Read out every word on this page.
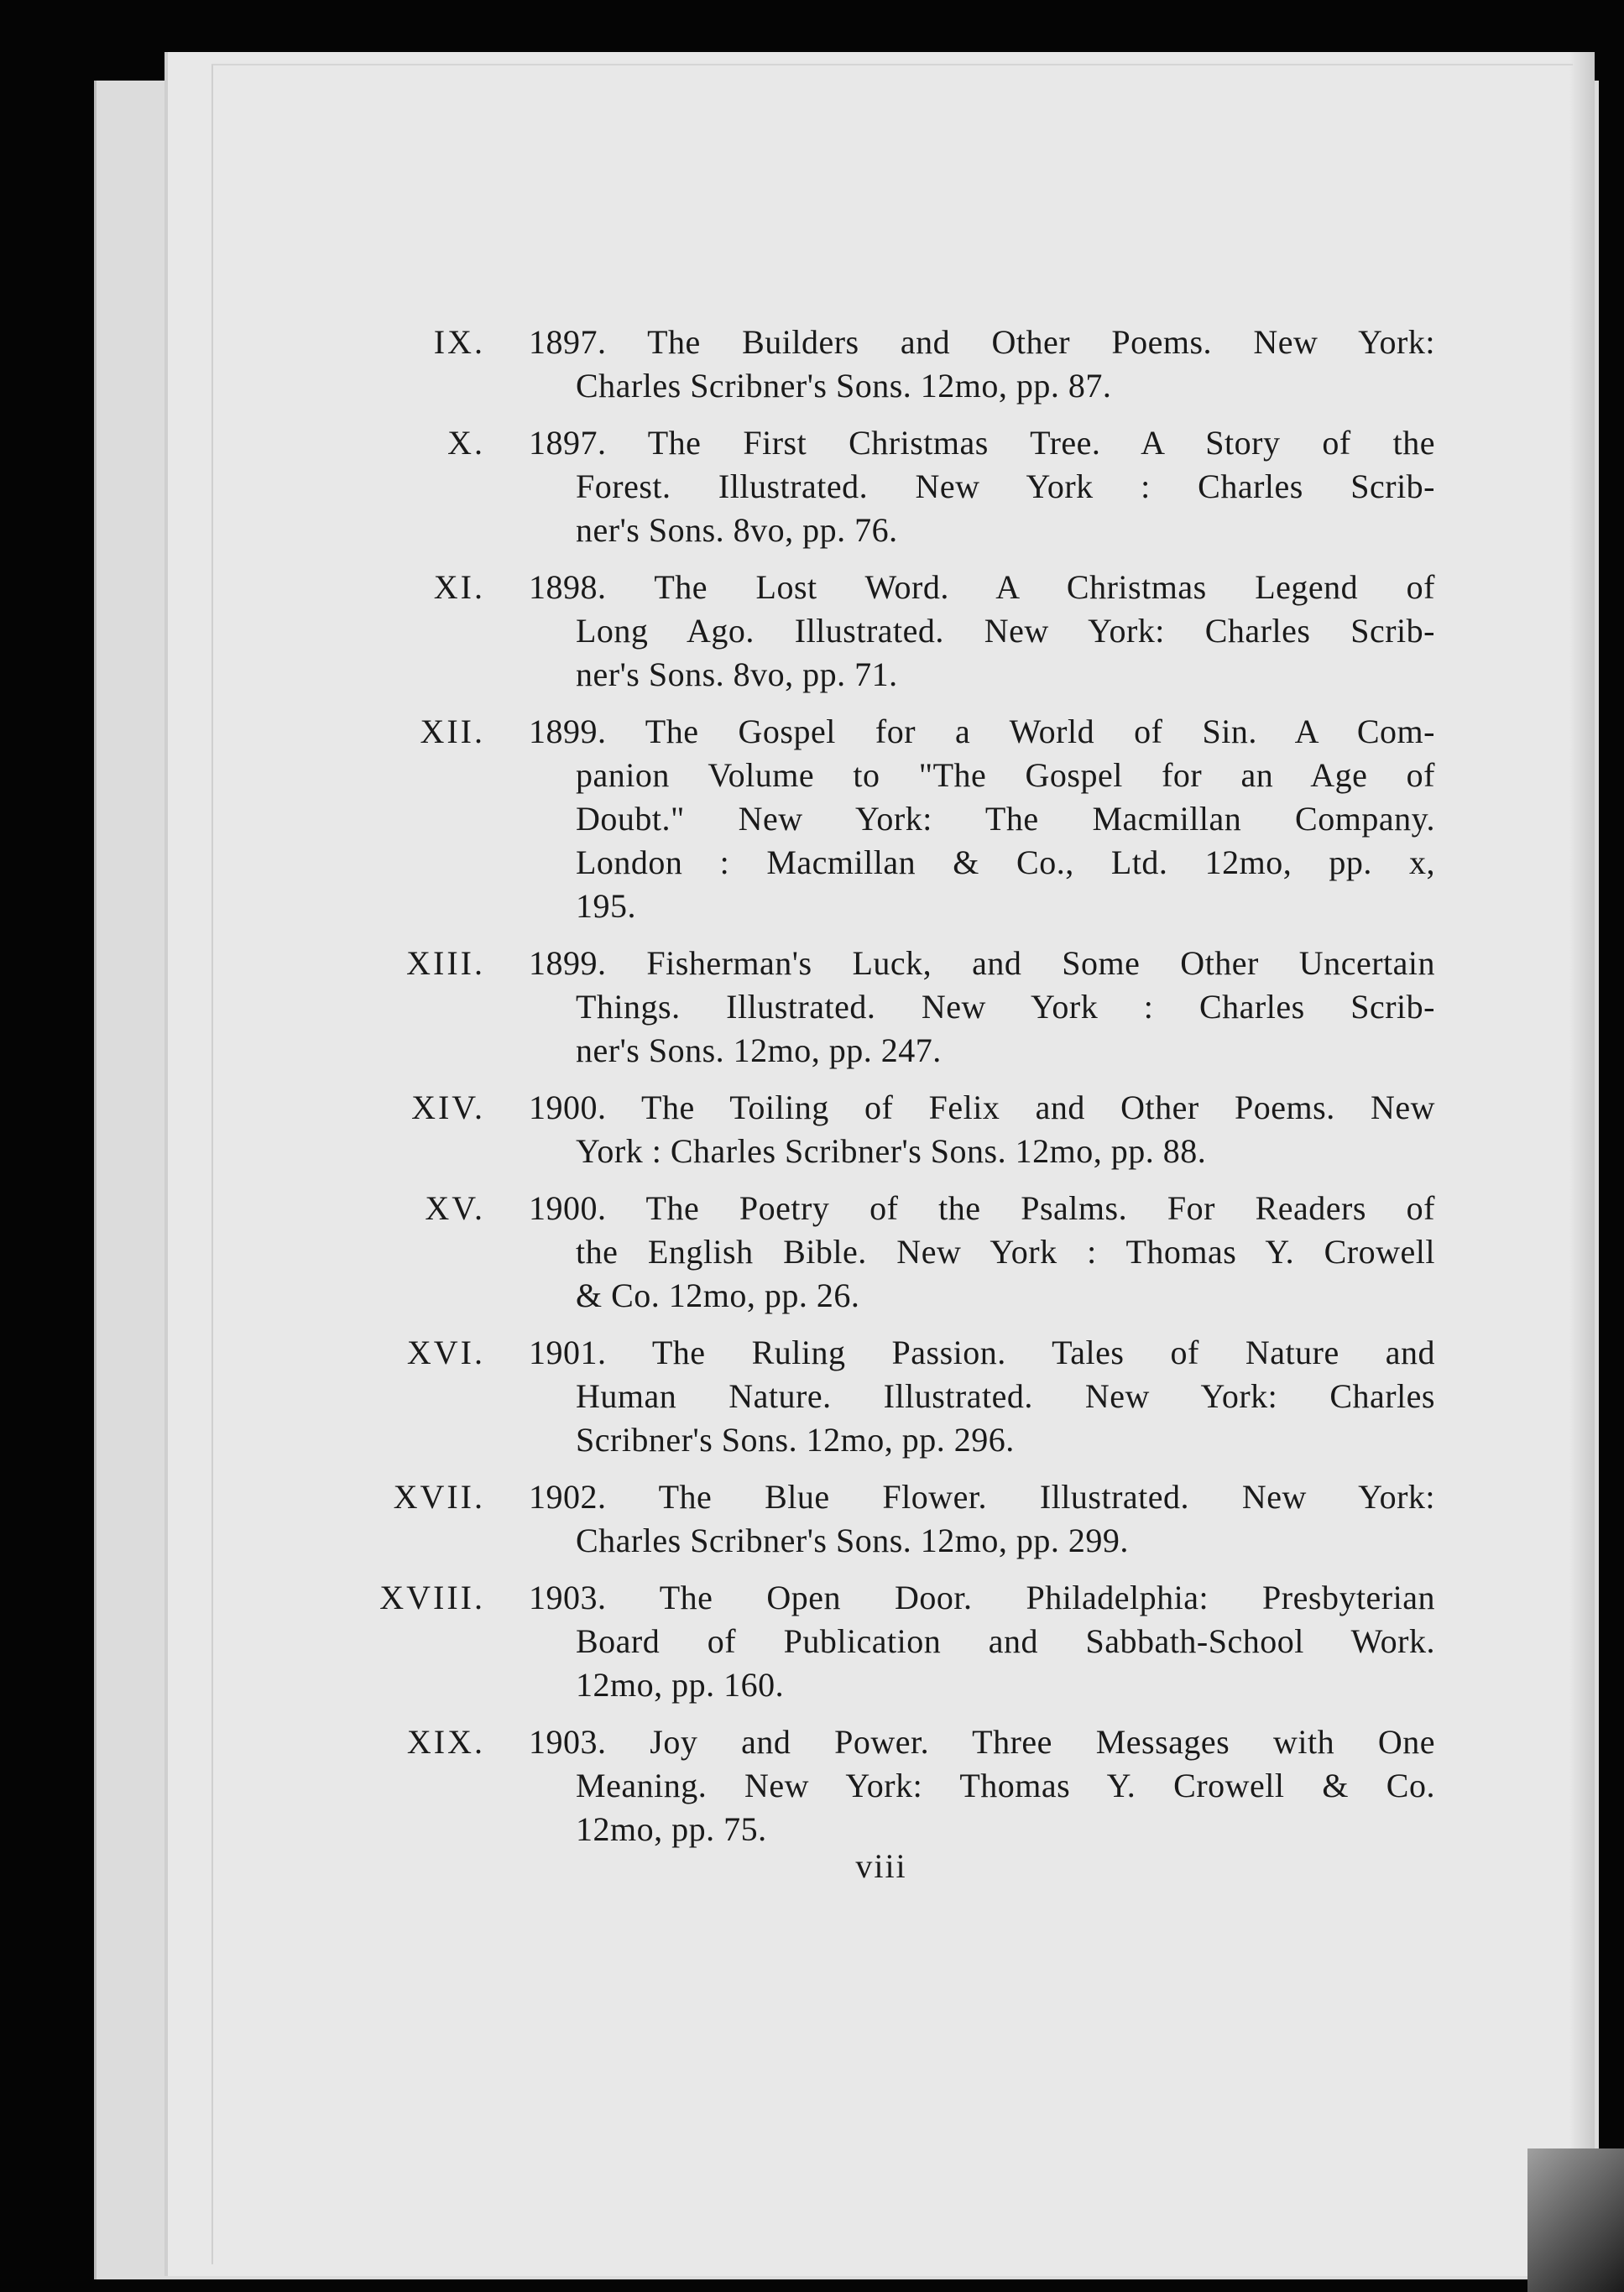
IX.	1897. The Builders and Other Poems. New York:
Charles Scribner's Sons. 12mo, pp. 87.
X.	1897. The First Christmas Tree. A Story of the
Forest. Illustrated. New York : Charles Scrib-
ner's Sons. 8vo, pp. 76.
XI.	1898. The Lost Word. A Christmas Legend of
Long Ago. Illustrated. New York: Charles Scrib-
ner's Sons. 8vo, pp. 71.
XII.	1899. The Gospel for a World of Sin. A Com-
panion Volume to "The Gospel for an Age of
Doubt." New York: The Macmillan Company.
London : Macmillan & Co., Ltd. 12mo, pp. x,
195.
XIII.	1899. Fisherman's Luck, and Some Other Uncertain
Things. Illustrated. New York : Charles Scrib-
ner's Sons. 12mo, pp. 247.
XIV.	1900. The Toiling of Felix and Other Poems. New
York : Charles Scribner's Sons. 12mo, pp. 88.
XV.	1900. The Poetry of the Psalms. For Readers of
the English Bible. New York : Thomas Y. Crowell
& Co. 12mo, pp. 26.
XVI.	1901. The Ruling Passion. Tales of Nature and
Human Nature. Illustrated. New York: Charles
Scribner's Sons. 12mo, pp. 296.
XVII.	1902. The Blue Flower. Illustrated. New York:
Charles Scribner's Sons. 12mo, pp. 299.
XVIII.	1903. The Open Door. Philadelphia: Presbyterian
Board of Publication and Sabbath-School Work.
12mo, pp. 160.
XIX.	1903. Joy and Power. Three Messages with One
Meaning. New York: Thomas Y. Crowell & Co.
12mo, pp. 75.
viii
